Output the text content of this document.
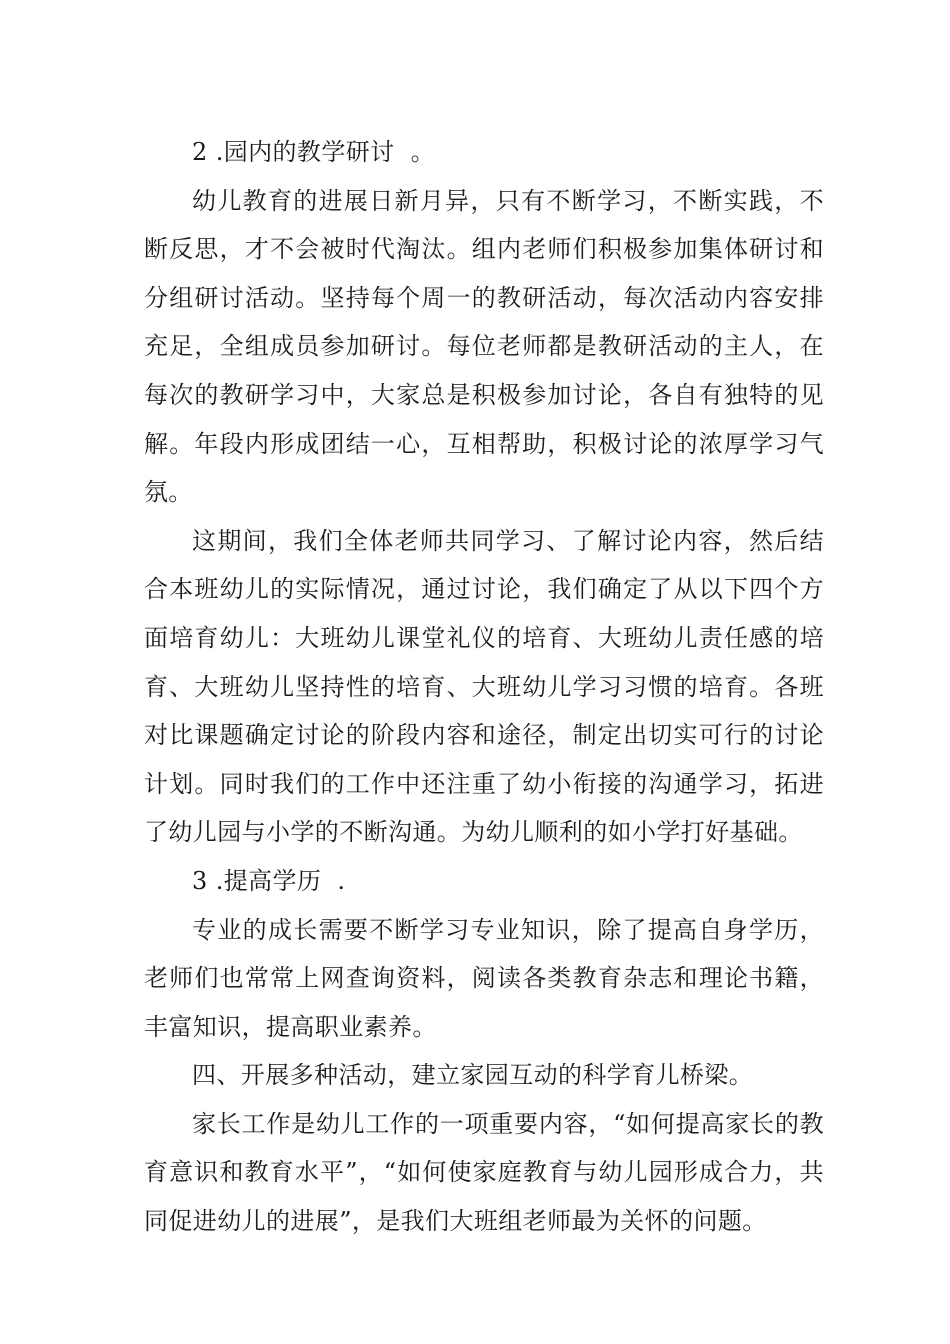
2 .园内的教学研讨  。

幼儿教育的进展日新月异，只有不断学习，不断实践，不断反思，才不会被时代淘汰。组内老师们积极参加集体研讨和分组研讨活动。坚持每个周一的教研活动，每次活动内容安排充足，全组成员参加研讨。每位老师都是教研活动的主人，在每次的教研学习中，大家总是积极参加讨论，各自有独特的见解。年段内形成团结一心，互相帮助，积极讨论的浓厚学习气氛。

这期间，我们全体老师共同学习、了解讨论内容，然后结合本班幼儿的实际情况，通过讨论，我们确定了从以下四个方面培育幼儿：大班幼儿课堂礼仪的培育、大班幼儿责任感的培育、大班幼儿坚持性的培育、大班幼儿学习习惯的培育。各班对比课题确定讨论的阶段内容和途径，制定出切实可行的讨论计划。同时我们的工作中还注重了幼小衔接的沟通学习，拓进了幼儿园与小学的不断沟通。为幼儿顺利的如小学打好基础。

3 .提高学历  .

专业的成长需要不断学习专业知识，除了提高自身学历，老师们也常常上网查询资料，阅读各类教育杂志和理论书籍，丰富知识，提高职业素养。

四、开展多种活动，建立家园互动的科学育儿桥梁。

家长工作是幼儿工作的一项重要内容，“如何提高家长的教育意识和教育水平”，“如何使家庭教育与幼儿园形成合力，共同促进幼儿的进展”，是我们大班组老师最为关怀的问题。
